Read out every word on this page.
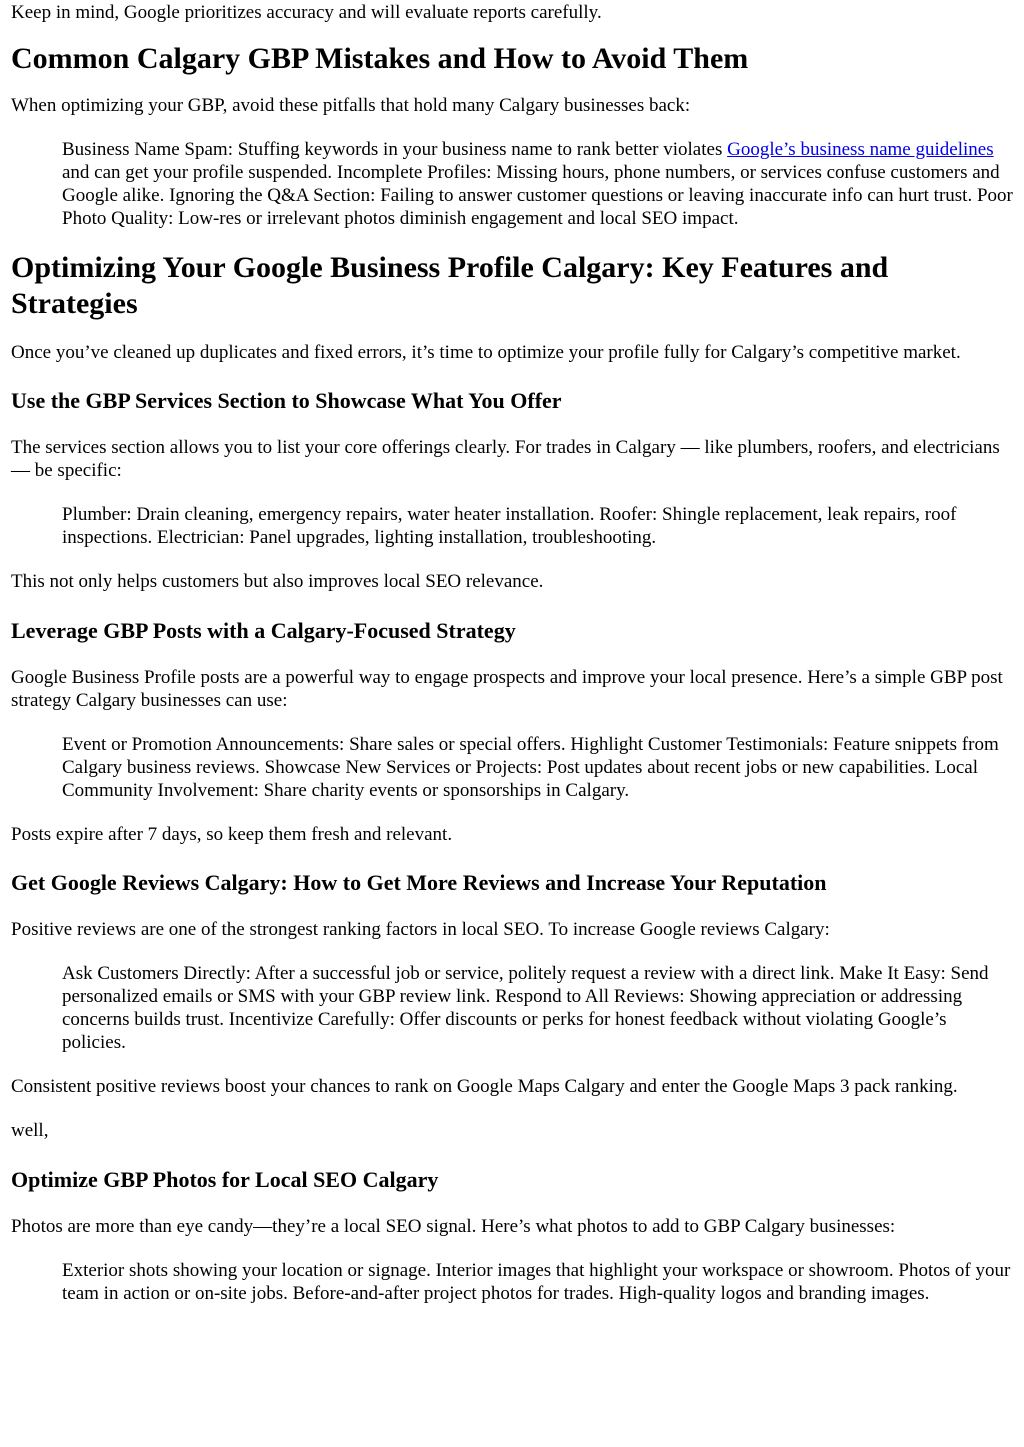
Keep in mind, Google prioritizes accuracy and will evaluate reports carefully.

Common Calgary GBP Mistakes and How to Avoid Them

When optimizing your GBP, avoid these pitfalls that hold many Calgary businesses back:

Business Name Spam: Stuffing keywords in your business name to rank better violates Google’s business name guidelines and can get your profile suspended. Incomplete Profiles: Missing hours, phone numbers, or services confuse customers and Google alike. Ignoring the Q&A Section: Failing to answer customer questions or leaving inaccurate info can hurt trust. Poor Photo Quality: Low-res or irrelevant photos diminish engagement and local SEO impact.
Optimizing Your Google Business Profile Calgary: Key Features and Strategies

Once you’ve cleaned up duplicates and fixed errors, it’s time to optimize your profile fully for Calgary’s competitive market.

Use the GBP Services Section to Showcase What You Offer

The services section allows you to list your core offerings clearly. For trades in Calgary — like plumbers, roofers, and electricians — be specific:

Plumber: Drain cleaning, emergency repairs, water heater installation. Roofer: Shingle replacement, leak repairs, roof inspections. Electrician: Panel upgrades, lighting installation, troubleshooting.

This not only helps customers but also improves local SEO relevance.

Leverage GBP Posts with a Calgary-Focused Strategy

Google Business Profile posts are a powerful way to engage prospects and improve your local presence. Here’s a simple GBP post strategy Calgary businesses can use:

Event or Promotion Announcements: Share sales or special offers. Highlight Customer Testimonials: Feature snippets from Calgary business reviews. Showcase New Services or Projects: Post updates about recent jobs or new capabilities. Local Community Involvement: Share charity events or sponsorships in Calgary.

Posts expire after 7 days, so keep them fresh and relevant.

Get Google Reviews Calgary: How to Get More Reviews and Increase Your Reputation

Positive reviews are one of the strongest ranking factors in local SEO. To increase Google reviews Calgary:

Ask Customers Directly: After a successful job or service, politely request a review with a direct link. Make It Easy: Send personalized emails or SMS with your GBP review link. Respond to All Reviews: Showing appreciation or addressing concerns builds trust. Incentivize Carefully: Offer discounts or perks for honest feedback without violating Google’s policies.

Consistent positive reviews boost your chances to rank on Google Maps Calgary and enter the Google Maps 3 pack ranking.

well,

Optimize GBP Photos for Local SEO Calgary

Photos are more than eye candy—they’re a local SEO signal. Here’s what photos to add to GBP Calgary businesses:

Exterior shots showing your location or signage. Interior images that highlight your workspace or showroom. Photos of your team in action or on-site jobs. Before-and-after project photos for trades. High-quality logos and branding images.
